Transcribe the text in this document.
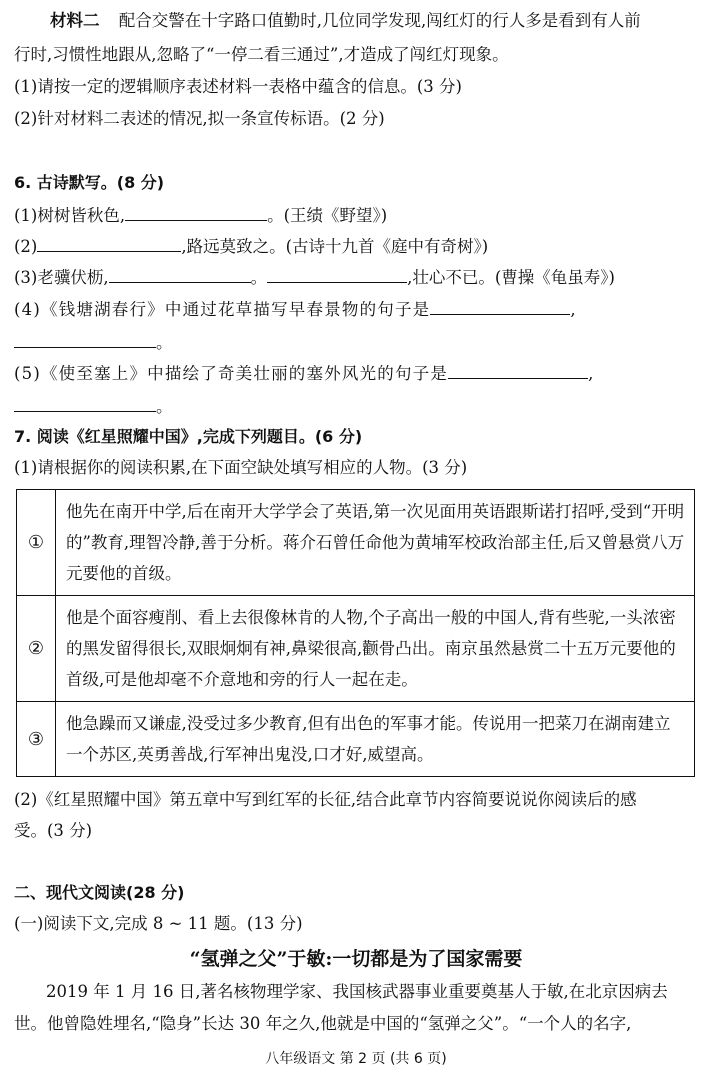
材料二 配合交警在十字路口值勤时,几位同学发现,闯红灯的行人多是看到有人前
行时,习惯性地跟从,忽略了“一停二看三通过”,才造成了闯红灯现象。
(1)请按一定的逻辑顺序表述材料一表格中蕴含的信息。(3 分)
(2)针对材料二表述的情况,拟一条宣传标语。(2 分)
6. 古诗默写。(8 分)
(1)树树皆秋色,	。(王绩《野望》)
(2)	,路远莫致之。(古诗十九首《庭中有奇树》)
(3)老骥伏枥,	。	,壮心不已。(曹操《龟虽寿》)
(4)《钱塘湖春行》中通过花草描写早春景物的句子是	,
。
(5)《使至塞上》中描绘了奇美壮丽的塞外风光的句子是	,
。
7. 阅读《红星照耀中国》,完成下列题目。(6 分)
(1)请根据你的阅读积累,在下面空缺处填写相应的人物。(3 分)
①	他先在南开中学,后在南开大学学会了英语,第一次见面用英语跟斯诺打招呼,受到“开明的”教育,理智冷静,善于分析。蒋介石曾任命他为黄埔军校政治部主任,后又曾悬赏八万元要他的首级。
②	他是个面容瘦削、看上去很像林肯的人物,个子高出一般的中国人,背有些驼,一头浓密的黑发留得很长,双眼炯炯有神,鼻梁很高,颧骨凸出。南京虽然悬赏二十五万元要他的首级,可是他却毫不介意地和旁的行人一起在走。
③	他急躁而又谦虚,没受过多少教育,但有出色的军事才能。传说用一把菜刀在湖南建立一个苏区,英勇善战,行军神出鬼没,口才好,威望高。
(2)《红星照耀中国》第五章中写到红军的长征,结合此章节内容简要说说你阅读后的感
受。(3 分)
二、现代文阅读(28 分)
(一)阅读下文,完成 8 ~ 11 题。(13 分)
“氢弹之父”于敏:一切都是为了国家需要
2019 年 1 月 16 日,著名核物理学家、我国核武器事业重要奠基人于敏,在北京因病去
世。他曾隐姓埋名,“隐身”长达 30 年之久,他就是中国的“氢弹之父”。“一个人的名字,
八年级语文 第 2 页 (共 6 页)
